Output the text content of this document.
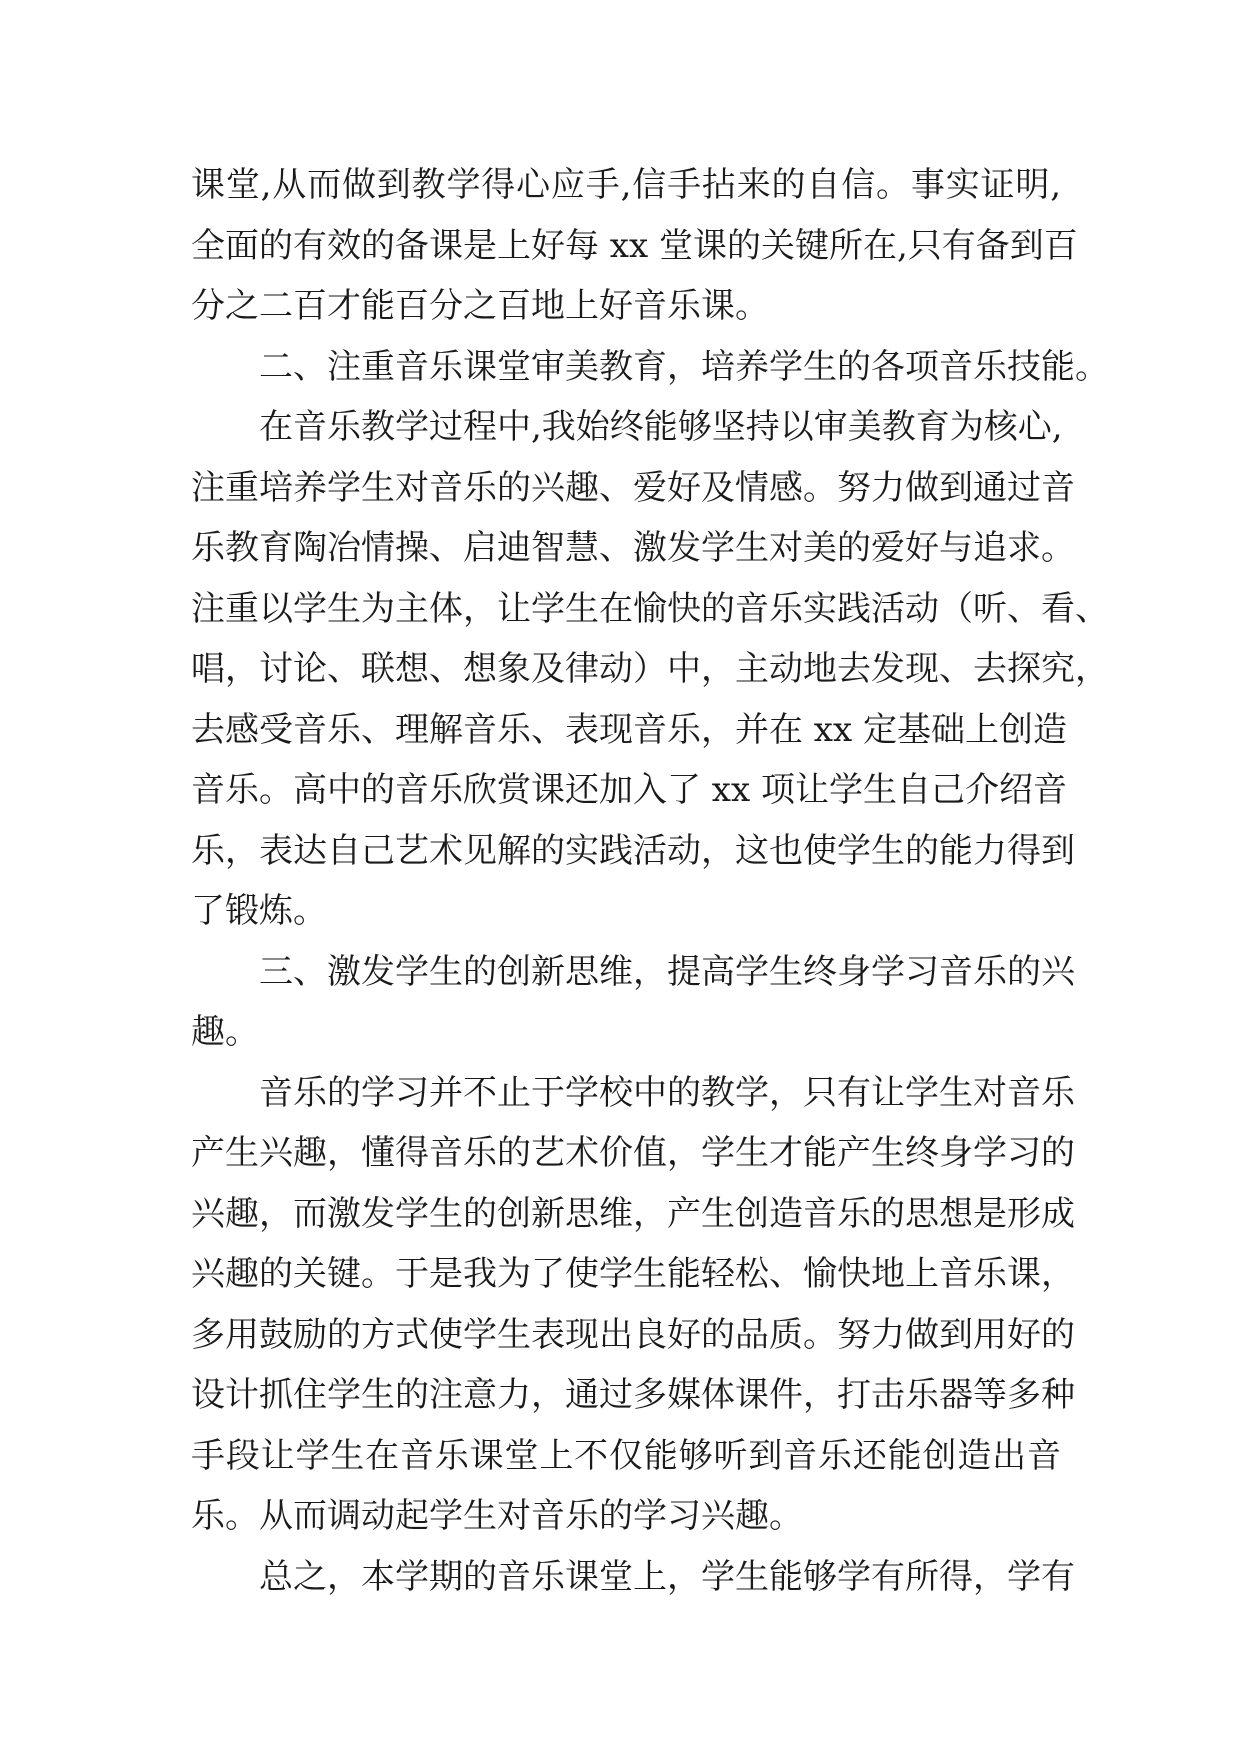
课堂,从而做到教学得心应手,信手拈来的自信。事实证明,
全面的有效的备课是上好每 xx 堂课的关键所在,只有备到百
分之二百才能百分之百地上好音乐课。
二、注重音乐课堂审美教育，培养学生的各项音乐技能。
在音乐教学过程中,我始终能够坚持以审美教育为核心,
注重培养学生对音乐的兴趣、爱好及情感。努力做到通过音
乐教育陶冶情操、启迪智慧、激发学生对美的爱好与追求。
注重以学生为主体，让学生在愉快的音乐实践活动（听、看、
唱，讨论、联想、想象及律动）中，主动地去发现、去探究，
去感受音乐、理解音乐、表现音乐，并在 xx 定基础上创造
音乐。高中的音乐欣赏课还加入了 xx 项让学生自己介绍音
乐，表达自己艺术见解的实践活动，这也使学生的能力得到
了锻炼。
三、激发学生的创新思维，提高学生终身学习音乐的兴
趣。
音乐的学习并不止于学校中的教学，只有让学生对音乐
产生兴趣，懂得音乐的艺术价值，学生才能产生终身学习的
兴趣，而激发学生的创新思维，产生创造音乐的思想是形成
兴趣的关键。于是我为了使学生能轻松、愉快地上音乐课，
多用鼓励的方式使学生表现出良好的品质。努力做到用好的
设计抓住学生的注意力，通过多媒体课件，打击乐器等多种
手段让学生在音乐课堂上不仅能够听到音乐还能创造出音
乐。从而调动起学生对音乐的学习兴趣。
总之，本学期的音乐课堂上，学生能够学有所得，学有
